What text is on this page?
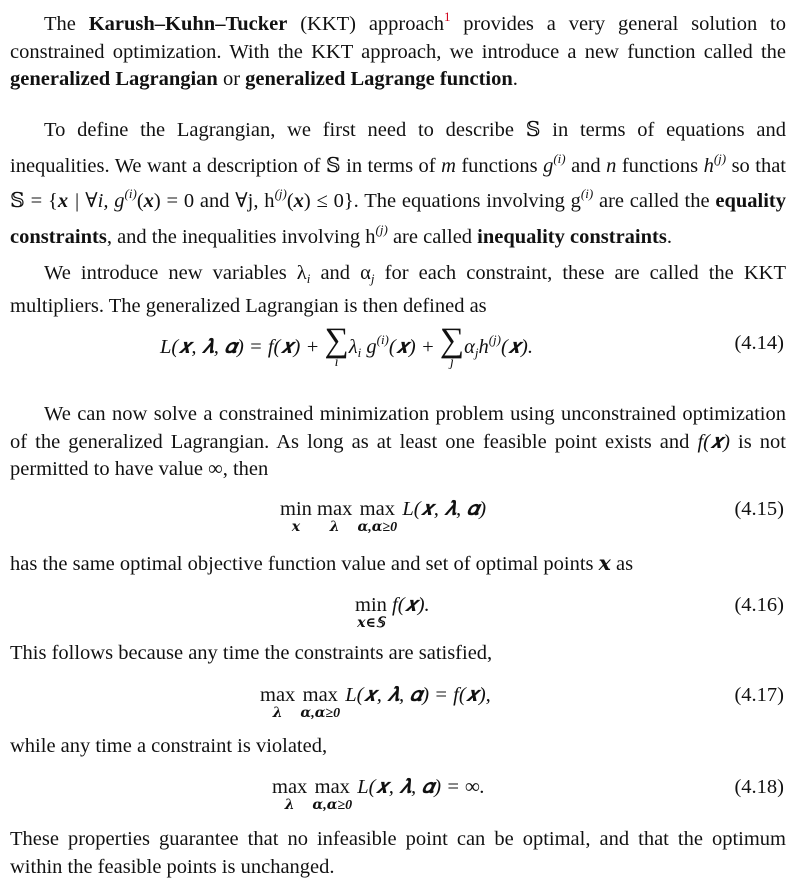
The Karush–Kuhn–Tucker (KKT) approach$^1$ provides a very general solution to constrained optimization. With the KKT approach, we introduce a new function called the generalized Lagrangian or generalized Lagrange function.

To define the Lagrangian, we first need to describe 𝕊 in terms of equations and inequalities. We want a description of 𝕊 in terms of m functions $g^{(i)}$ and n functions $h^{(j)}$ so that 𝕊 = {x | ∀i, $g^{(i)}(x) = 0$ and ∀j, $h^{(j)}(x) \le 0$}. The equations involving $g^{(i)}$ are called the equality constraints, and the inequalities involving $h^{(j)}$ are called inequality constraints.

We introduce new variables λi and αj for each constraint, these are called the KKT multipliers. The generalized Lagrangian is then defined as

L(𝒙, 𝝀, 𝜶) = f(𝒙) + ∑
i
λi $g^{(i)}(𝒙)$ + ∑
j
αjh$^{(j)}$(𝒙).	(4.14)

We can now solve a constrained minimization problem using unconstrained optimization of the generalized Lagrangian. As long as at least one feasible point exists and f(𝒙) is not permitted to have value ∞, then

min
𝒙
max
𝝀
max
𝜶,𝜶≥0
L(𝒙, 𝝀, 𝜶)	(4.15)

has the same optimal objective function value and set of optimal points 𝒙 as

min
𝒙∈𝕊
f(𝒙).	(4.16)

This follows because any time the constraints are satisfied,

max
𝝀
max
𝜶,𝜶≥0
L(𝒙, 𝝀, 𝜶) = f(𝒙),	(4.17)

while any time a constraint is violated,

max
𝝀
max
𝜶,𝜶≥0
L(𝒙, 𝝀, 𝜶) = ∞.	(4.18)

These properties guarantee that no infeasible point can be optimal, and that the optimum within the feasible points is unchanged.
